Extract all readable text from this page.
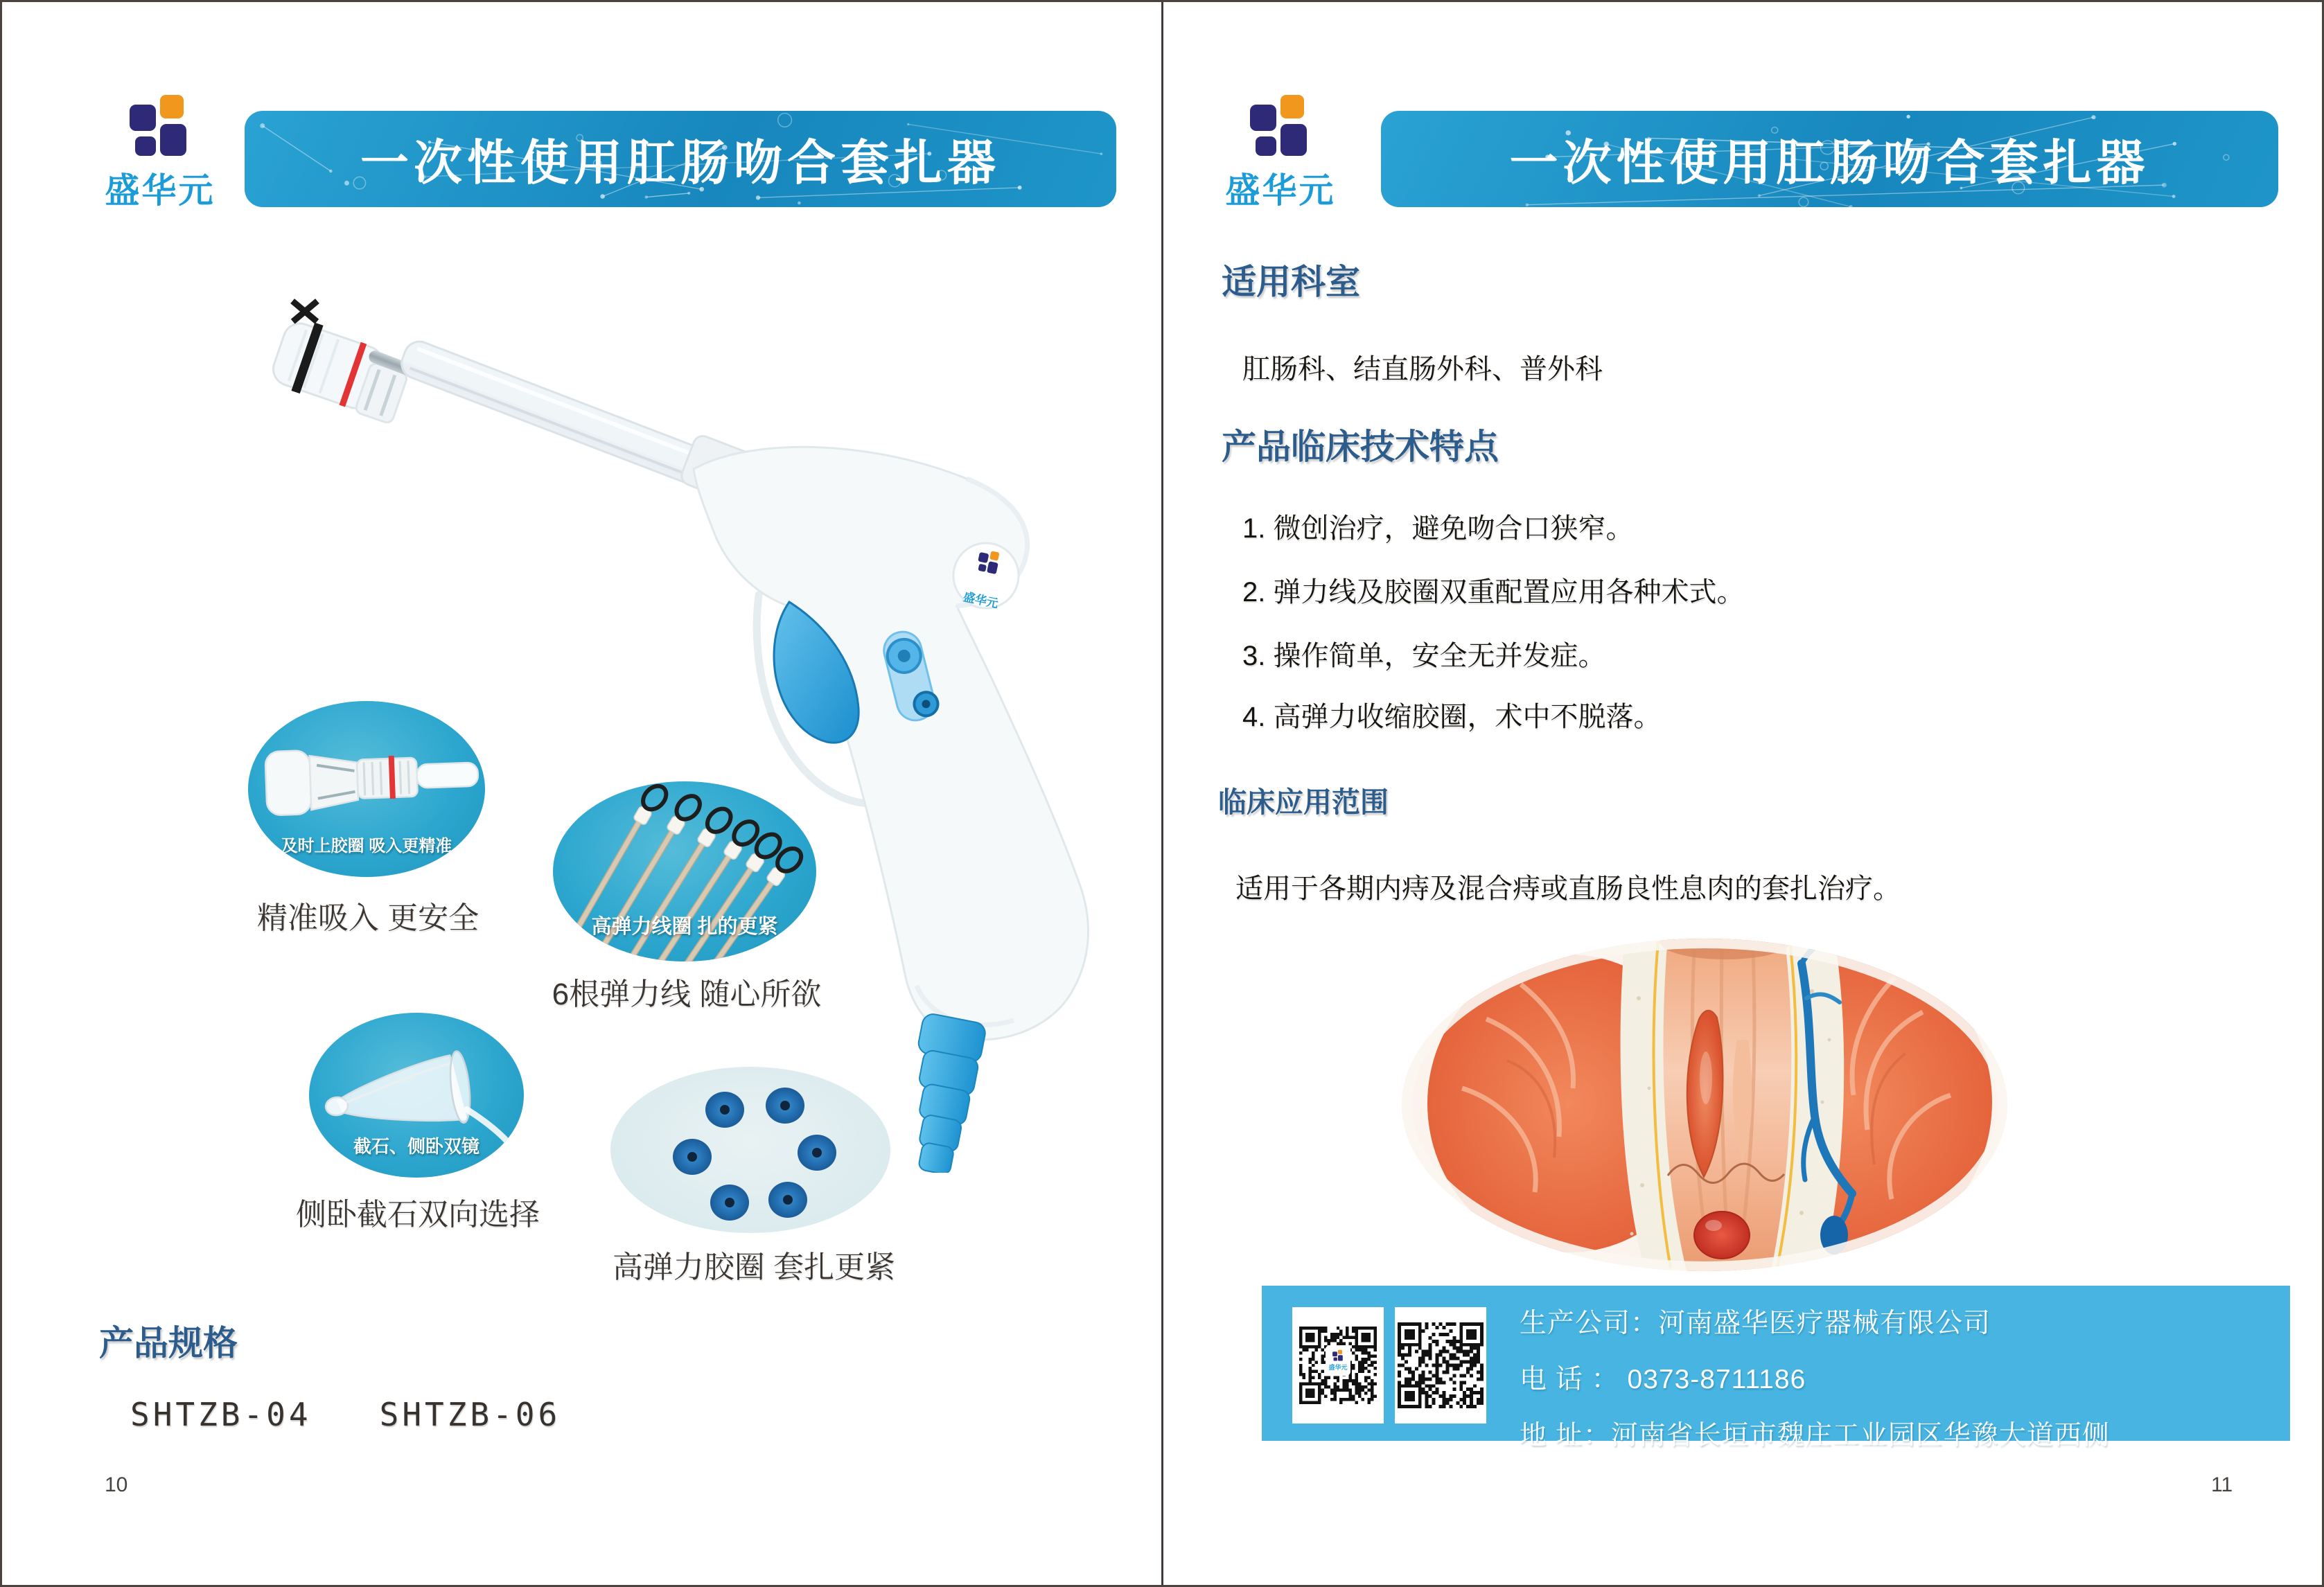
盛华元
一次性使用肛肠吻合套扎器
盛华元
及时上胶圈 吸入更精准
精准吸入 更安全	高弹力线圈 扎的更紧
6根弹力线 随心所欲
截石、侧卧双镜
侧卧截石双向选择
高弹力胶圈 套扎更紧
产品规格
SHTZB-04   SHTZB-06
10
盛华元
一次性使用肛肠吻合套扎器
适用科室
肛肠科、结直肠外科、普外科
产品临床技术特点
1. 微创治疗，避免吻合口狭窄。
2. 弹力线及胶圈双重配置应用各种术式。
3. 操作简单，安全无并发症。
4. 高弹力收缩胶圈，术中不脱落。
临床应用范围
适用于各期内痔及混合痔或直肠良性息肉的套扎治疗。
盛华元
生产公司：河南盛华医疗器械有限公司
电 话 ： 0373-8711186
地 址：河南省长垣市魏庄工业园区华豫大道西侧
11
